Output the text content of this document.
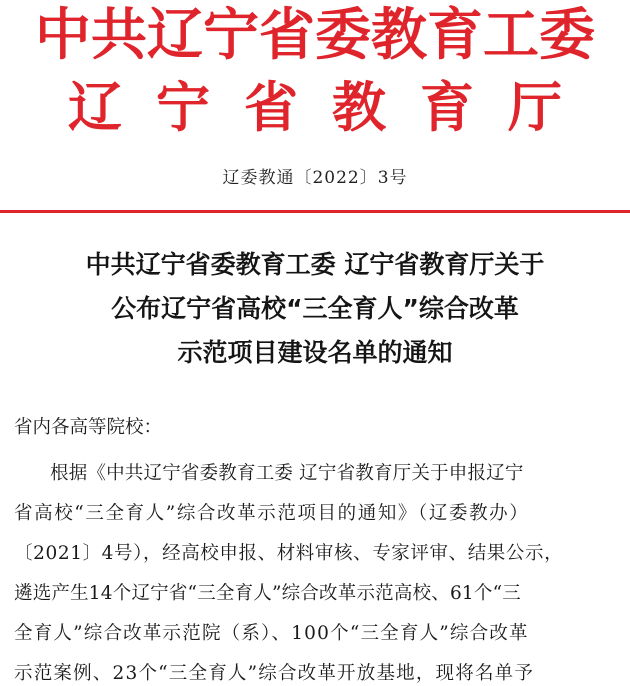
中共辽宁省委教育工委
辽宁省教育厅
辽委教通〔2022〕3号
中共辽宁省委教育工委 辽宁省教育厅关于
公布辽宁省高校“三全育人”综合改革
示范项目建设名单的通知
省内各高等院校：
根据《中共辽宁省委教育工委 辽宁省教育厅关于申报辽宁
省高校“三全育人”综合改革示范项目的通知》（辽委教办）
〔2021〕4号），经高校申报、材料审核、专家评审、结果公示，
遴选产生14个辽宁省“三全育人”综合改革示范高校、61个“三
全育人”综合改革示范院（系）、100个“三全育人”综合改革
示范案例、23个“三全育人”综合改革开放基地，现将名单予
